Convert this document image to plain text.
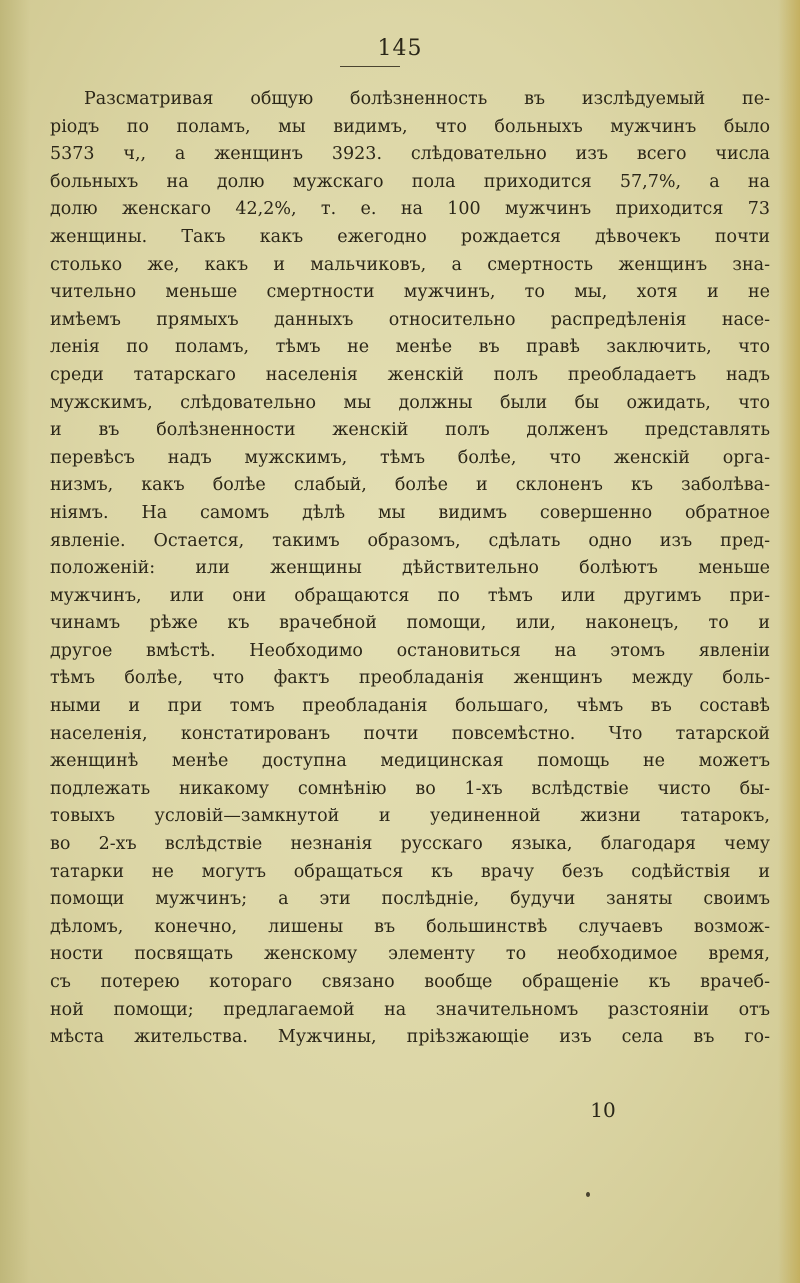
145
Разсматривая общую болѣзненность въ изслѣдуемый пе-
ріодъ по поламъ, мы видимъ, что больныхъ мужчинъ было
5373 ч,, а женщинъ 3923. слѣдовательно изъ всего числа
больныхъ на долю мужскаго пола приходится 57,7%, а на
долю женскаго 42,2%, т. е. на 100 мужчинъ приходится 73
женщины. Такъ какъ ежегодно рождается дѣвочекъ почти
столько же, какъ и мальчиковъ, а смертность женщинъ зна-
чительно меньше смертности мужчинъ, то мы, хотя и не
имѣемъ прямыхъ данныхъ относительно распредѣленія насе-
ленія по поламъ, тѣмъ не менѣе въ правѣ заключить, что
среди татарскаго населенія женскій полъ преобладаетъ надъ
мужскимъ, слѣдовательно мы должны были бы ожидать, что
и въ болѣзненности женскій полъ долженъ представлять
перевѣсъ надъ мужскимъ, тѣмъ болѣе, что женскій орга-
низмъ, какъ болѣе слабый, болѣе и склоненъ къ заболѣва-
ніямъ. На самомъ дѣлѣ мы видимъ совершенно обратное
явленіе. Остается, такимъ образомъ, сдѣлать одно изъ пред-
положеній: или женщины дѣйствительно болѣютъ меньше
мужчинъ, или они обращаются по тѣмъ или другимъ при-
чинамъ рѣже къ врачебной помощи, или, наконецъ, то и
другое вмѣстѣ. Необходимо остановиться на этомъ явленіи
тѣмъ болѣе, что фактъ преобладанія женщинъ между боль-
ными и при томъ преобладанія большаго, чѣмъ въ составѣ
населенія, констатированъ почти повсемѣстно. Что татарской
женщинѣ менѣе доступна медицинская помощь не можетъ
подлежать никакому сомнѣнію во 1-хъ вслѣдствіе чисто бы-
товыхъ условій—замкнутой и уединенной жизни татарокъ,
во 2-хъ вслѣдствіе незнанія русскаго языка, благодаря чему
татарки не могутъ обращаться къ врачу безъ содѣйствія и
помощи мужчинъ; а эти послѣдніе, будучи заняты своимъ
дѣломъ, конечно, лишены въ большинствѣ случаевъ возмож-
ности посвящать женскому элементу то необходимое время,
съ потерею котораго связано вообще обращеніе къ врачеб-
ной помощи; предлагаемой на значительномъ разстояніи отъ
мѣста жительства. Мужчины, пріѣзжающіе изъ села въ го-
10
